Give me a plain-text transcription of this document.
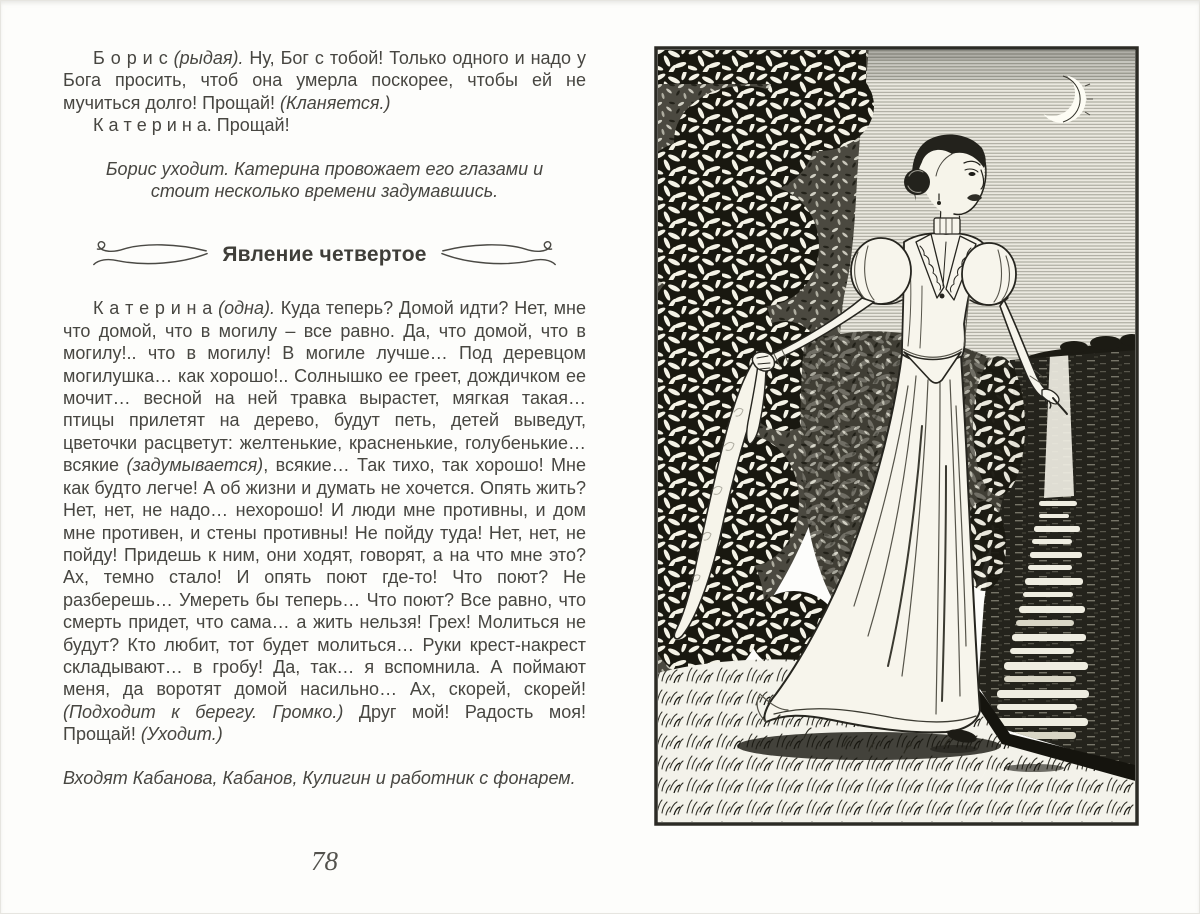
Б о р и с (рыдая). Ну, Бог с тобой! Только одного и надо у Бога просить, чтоб она умерла поскорее, чтобы ей не мучиться долго! Прощай! (Кланяется.)

К а т е р и н а. Прощай!

Борис уходит. Катерина провожает его глазами и стоит несколько времени задумавшись.

Явление четвертое

К а т е р и н а (одна). Куда теперь? Домой идти? Нет, мне что домой, что в могилу – все равно. Да, что домой, что в могилу!.. что в могилу! В могиле лучше… Под деревцом могилушка… как хорошо!.. Солнышко ее греет, дождичком ее мочит… весной на ней травка вырастет, мягкая такая… птицы прилетят на дерево, будут петь, детей выведут, цветочки расцветут: желтенькие, красненькие, голубенькие… всякие (задумывается), всякие… Так тихо, так хорошо! Мне как будто легче! А об жизни и думать не хочется. Опять жить? Нет, нет, не надо… нехорошо! И люди мне противны, и дом мне противен, и стены противны! Не пойду туда! Нет, нет, не пойду! Придешь к ним, они ходят, говорят, а на что мне это? Ах, темно стало! И опять поют где-то! Что поют? Не разберешь… Умереть бы теперь… Что поют? Все равно, что смерть придет, что сама… а жить нельзя! Грех! Молиться не будут? Кто любит, тот будет молиться… Руки крест-накрест складывают… в гробу! Да, так… я вспомнила. А поймают меня, да воротят домой насильно… Ах, скорей, скорей! (Подходит к берегу. Громко.) Друг мой! Радость моя! Прощай! (Уходит.)

Входят Кабанова, Кабанов, Кулигин и работник с фонарем.

78
